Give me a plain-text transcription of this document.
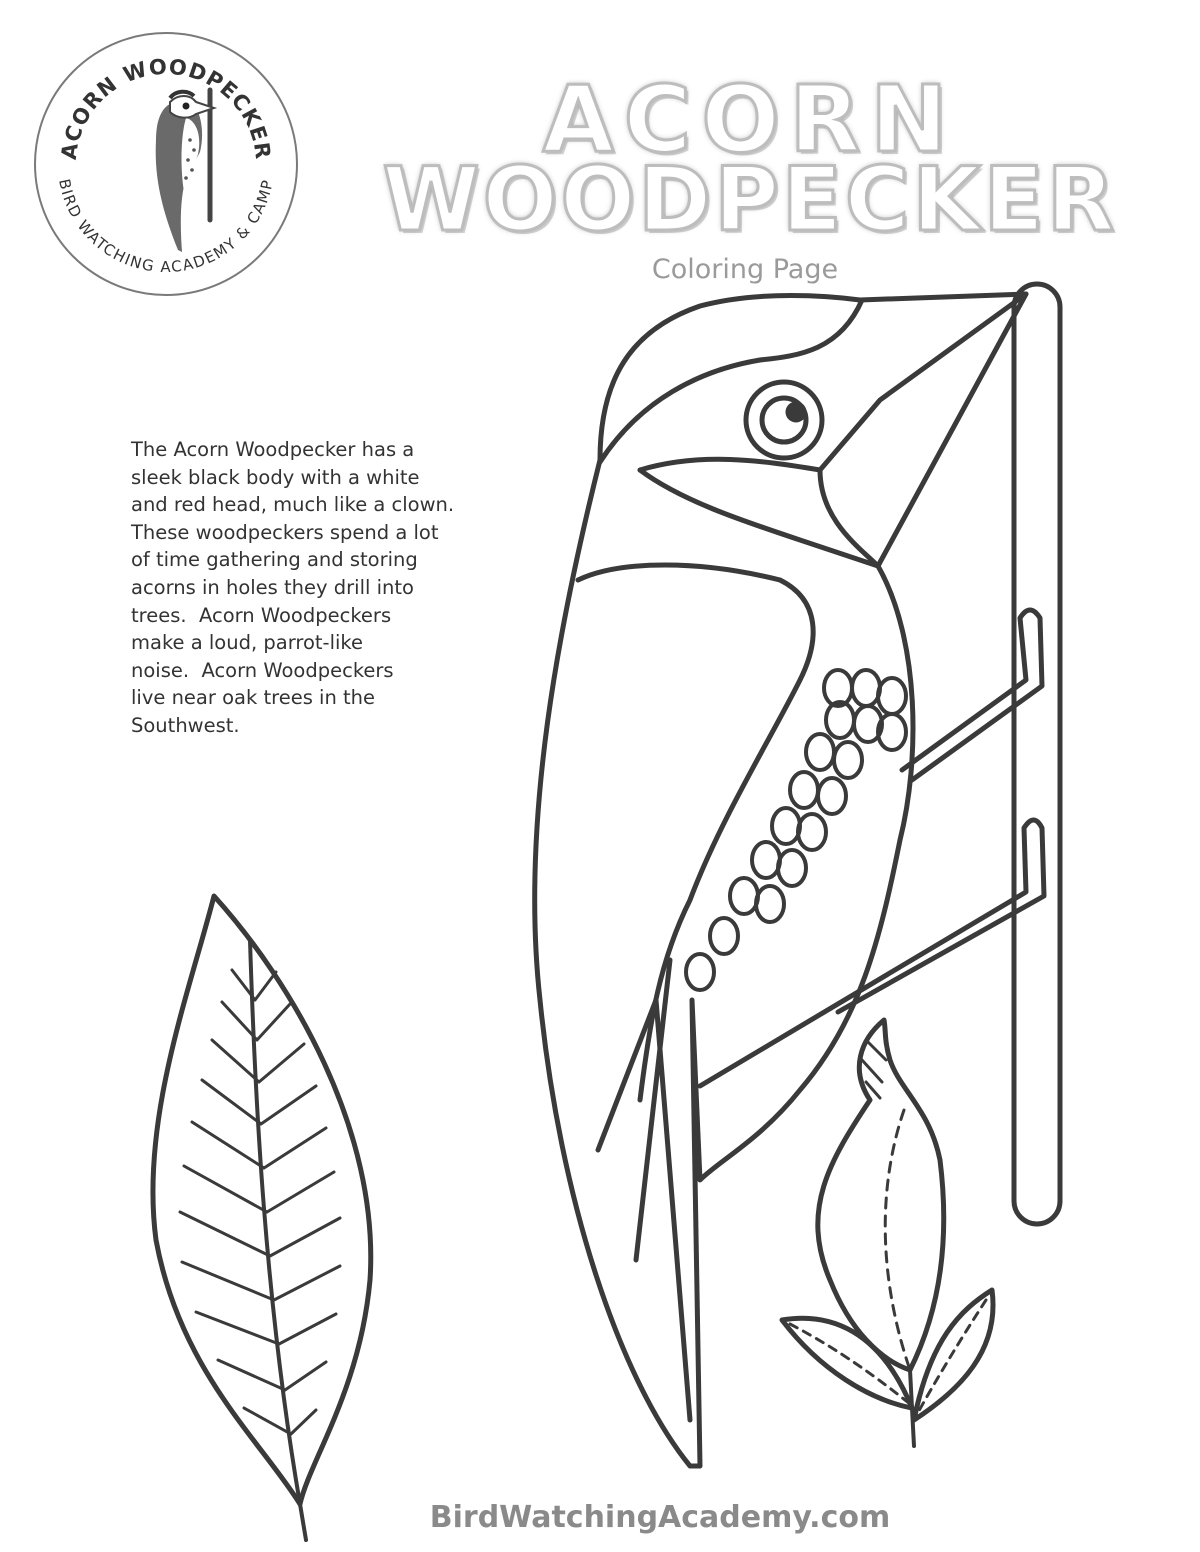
ACORN WOODPECKER
BIRD WATCHING ACADEMY & CAMP
ACORN
WOODPECKER
Coloring Page
The Acorn Woodpecker has a
sleek black body with a white
and red head, much like a clown.
These woodpeckers spend a lot
of time gathering and storing
acorns in holes they drill into
trees.  Acorn Woodpeckers
make a loud, parrot-like
noise.  Acorn Woodpeckers
live near oak trees in the
Southwest.
BirdWatchingAcademy.com
